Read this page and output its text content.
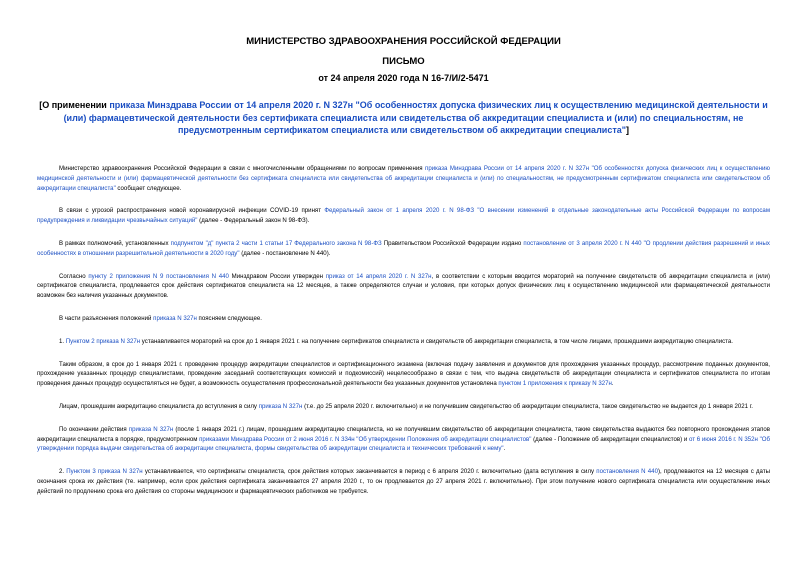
МИНИСТЕРСТВО ЗДРАВООХРАНЕНИЯ РОССИЙСКОЙ ФЕДЕРАЦИИ
ПИСЬМО
от 24 апреля 2020 года N 16-7/И/2-5471
[О применении приказа Минздрава России от 14 апреля 2020 г. N 327н "Об особенностях допуска физических лиц к осуществлению медицинской деятельности и (или) фармацевтической деятельности без сертификата специалиста или свидетельства об аккредитации специалиста и (или) по специальностям, не предусмотренным сертификатом специалиста или свидетельством об аккредитации специалиста"]

Министерство здравоохранения Российской Федерации в связи с многочисленными обращениями по вопросам применения приказа Минздрава России от 14 апреля 2020 г. N 327н "Об особенностях допуска физических лиц к осуществлению медицинской деятельности и (или) фармацевтической деятельности без сертификата специалиста или свидетельства об аккредитации специалиста и (или) по специальностям, не предусмотренным сертификатом специалиста или свидетельством об аккредитации специалиста" сообщает следующее.

В связи с угрозой распространения новой коронавирусной инфекции COVID-19 принят Федеральный закон от 1 апреля 2020 г. N 98-ФЗ "О внесении изменений в отдельные законодательные акты Российской Федерации по вопросам предупреждения и ликвидации чрезвычайных ситуаций" (далее - Федеральный закон N 98-ФЗ).

В рамках полномочий, установленных подпунктом "д" пункта 2 части 1 статьи 17 Федерального закона N 98-ФЗ Правительством Российской Федерации издано постановление от 3 апреля 2020 г. N 440 "О продлении действия разрешений и иных особенностях в отношении разрешительной деятельности в 2020 году" (далее - постановление N 440).

Согласно пункту 2 приложения N 9 постановления N 440 Минздравом России утвержден приказ от 14 апреля 2020 г. N 327н, в соответствии с которым вводится мораторий на получение свидетельств об аккредитации специалиста и (или) сертификатов специалиста, продлевается срок действия сертификатов специалиста на 12 месяцев, а также определяются случаи и условия, при которых допуск физических лиц к осуществлению медицинской или фармацевтической деятельности возможен без наличия указанных документов.

В части разъяснения положений приказа N 327н поясняем следующее.

1. Пунктом 2 приказа N 327н устанавливается мораторий на срок до 1 января 2021 г. на получение сертификатов специалиста и свидетельств об аккредитации специалиста, в том числе лицами, прошедшими аккредитацию специалиста.

Таким образом, в срок до 1 января 2021 г. проведение процедур аккредитации специалистов и сертификационного экзамена (включая подачу заявления и документов для прохождения указанных процедур, рассмотрение поданных документов, прохождение указанных процедур специалистами, проведение заседаний соответствующих комиссий и подкомиссий) нецелесообразно в связи с тем, что выдача свидетельств об аккредитации специалиста и сертификатов специалиста по итогам проведения данных процедур осуществляться не будет, а возможность осуществления профессиональной деятельности без указанных документов установлена пунктом 1 приложения к приказу N 327н.

Лицам, прошедшим аккредитацию специалиста до вступления в силу приказа N 327н (т.е. до 25 апреля 2020 г. включительно) и не получившим свидетельство об аккредитации специалиста, такое свидетельство не выдается до 1 января 2021 г.

По окончании действия приказа N 327н (после 1 января 2021 г.) лицам, прошедшим аккредитацию специалиста, но не получившим свидетельство об аккредитации специалиста, такие свидетельства выдаются без повторного прохождения этапов аккредитации специалиста в порядке, предусмотренном приказами Минздрава России от 2 июня 2016 г. N 334н "Об утверждении Положения об аккредитации специалистов" (далее - Положение об аккредитации специалистов) и от 6 июня 2016 г. N 352н "Об утверждении порядка выдачи свидетельства об аккредитации специалиста, формы свидетельства об аккредитации специалиста и технических требований к нему".

2. Пунктом 3 приказа N 327н устанавливается, что сертификаты специалиста, срок действия которых заканчивается в период с 6 апреля 2020 г. включительно (дата вступления в силу постановления N 440), продлеваются на 12 месяцев с даты окончания срока их действия (те. например, если срок действия сертификата заканчивается 27 апреля 2020 г., то он продлевается до 27 апреля 2021 г. включительно). При этом получение нового сертификата специалиста или осуществление иных действий по продлению срока его действия со стороны медицинских и фармацевтических работников не требуется.
